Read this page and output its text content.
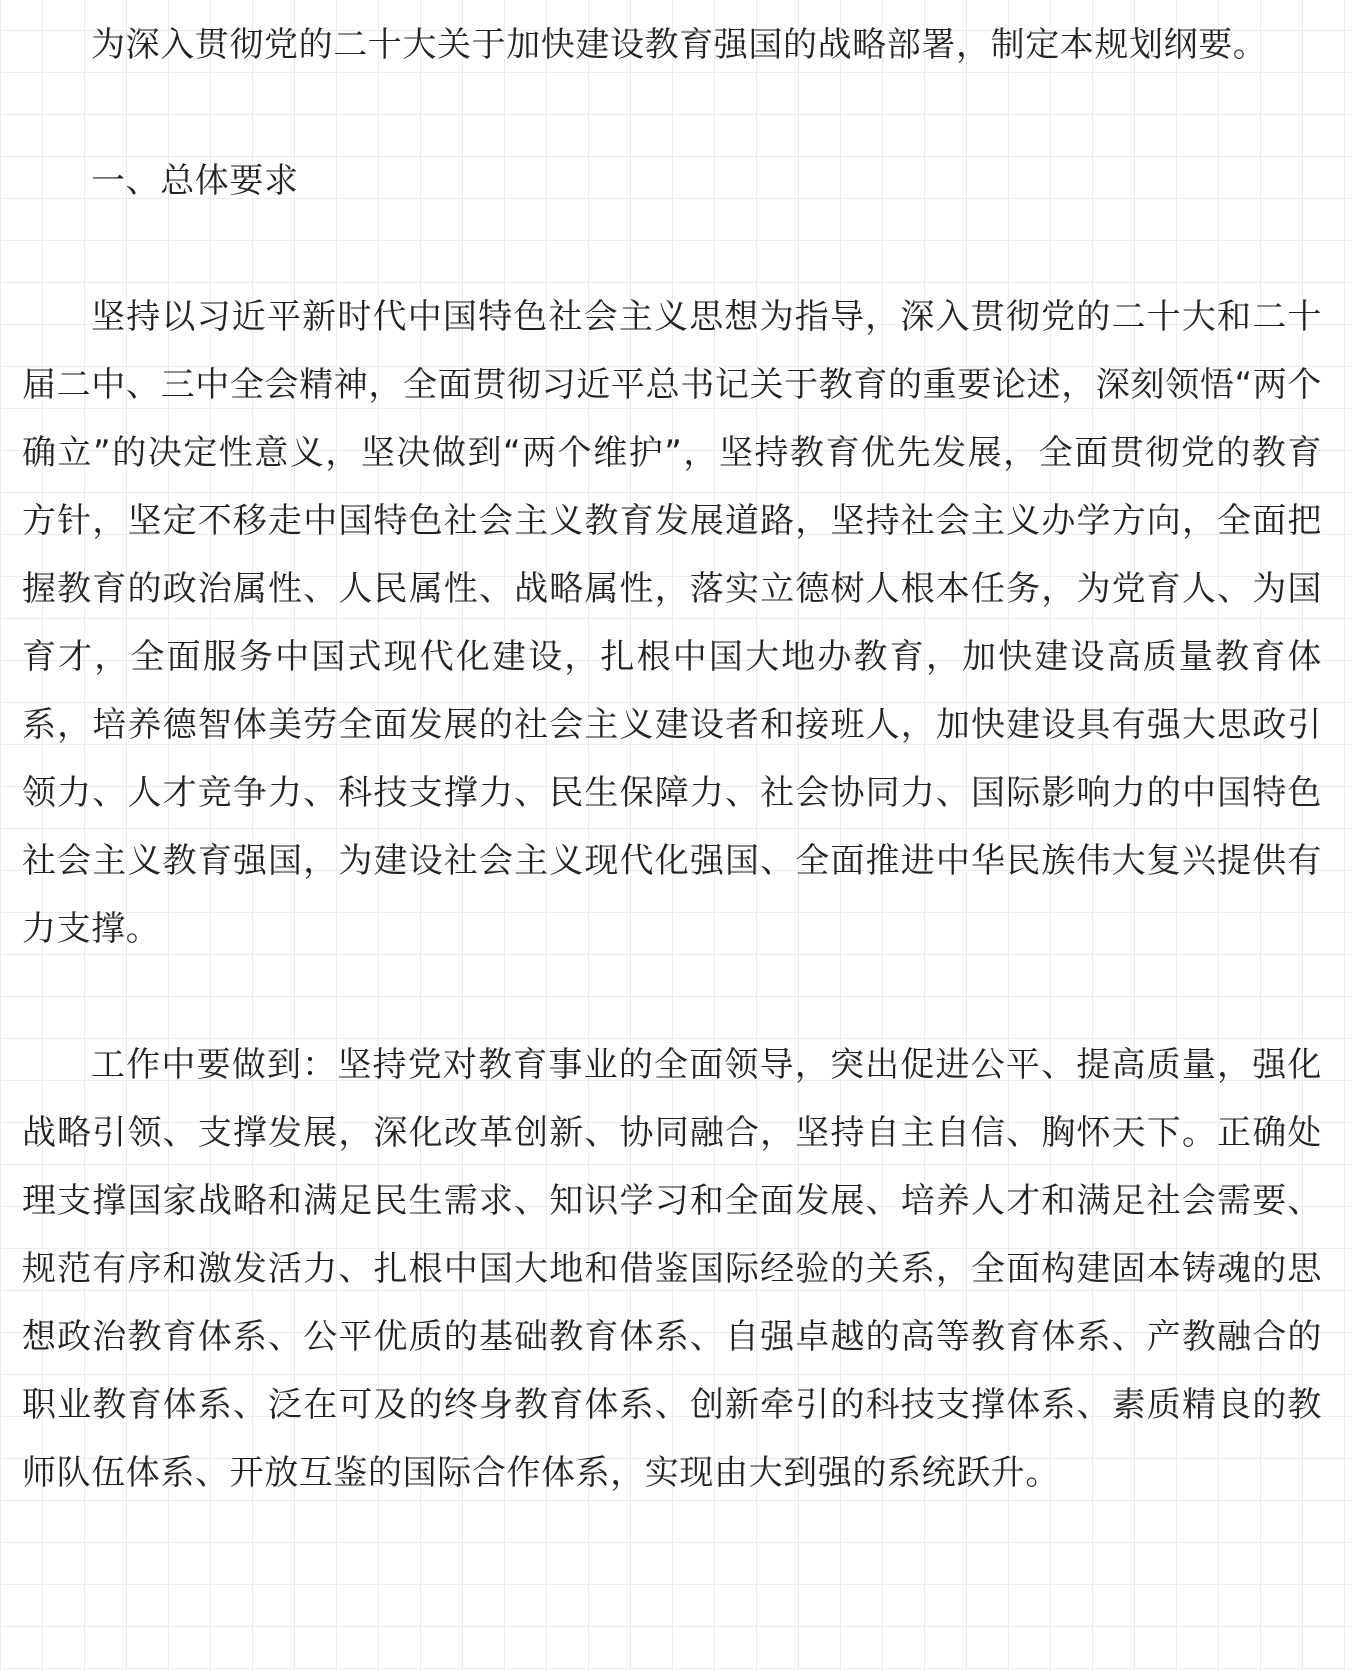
为深入贯彻党的二十大关于加快建设教育强国的战略部署，制定本规划纲要。

一、总体要求

坚持以习近平新时代中国特色社会主义思想为指导，深入贯彻党的二十大和二十届二中、三中全会精神，全面贯彻习近平总书记关于教育的重要论述，深刻领悟“两个确立”的决定性意义，坚决做到“两个维护”，坚持教育优先发展，全面贯彻党的教育方针，坚定不移走中国特色社会主义教育发展道路，坚持社会主义办学方向，全面把握教育的政治属性、人民属性、战略属性，落实立德树人根本任务，为党育人、为国育才，全面服务中国式现代化建设，扎根中国大地办教育，加快建设高质量教育体系，培养德智体美劳全面发展的社会主义建设者和接班人，加快建设具有强大思政引领力、人才竞争力、科技支撑力、民生保障力、社会协同力、国际影响力的中国特色社会主义教育强国，为建设社会主义现代化强国、全面推进中华民族伟大复兴提供有力支撑。

工作中要做到：坚持党对教育事业的全面领导，突出促进公平、提高质量，强化战略引领、支撑发展，深化改革创新、协同融合，坚持自主自信、胸怀天下。正确处理支撑国家战略和满足民生需求、知识学习和全面发展、培养人才和满足社会需要、规范有序和激发活力、扎根中国大地和借鉴国际经验的关系，全面构建固本铸魂的思想政治教育体系、公平优质的基础教育体系、自强卓越的高等教育体系、产教融合的职业教育体系、泛在可及的终身教育体系、创新牵引的科技支撑体系、素质精良的教师队伍体系、开放互鉴的国际合作体系，实现由大到强的系统跃升。
